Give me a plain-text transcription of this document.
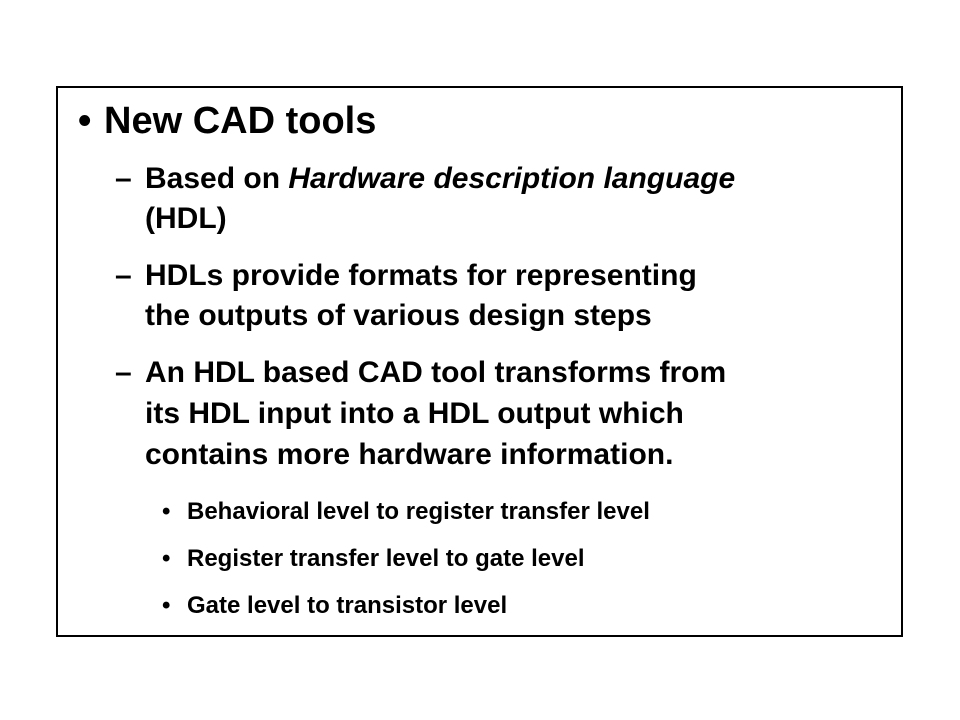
• New CAD tools
– Based on Hardware description language
(HDL)
– HDLs provide formats for representing
the outputs of various design steps
– An HDL based CAD tool transforms from
its HDL input into a HDL output which
contains more hardware information.
• Behavioral level to register transfer level
• Register transfer level to gate level
• Gate level to transistor level
